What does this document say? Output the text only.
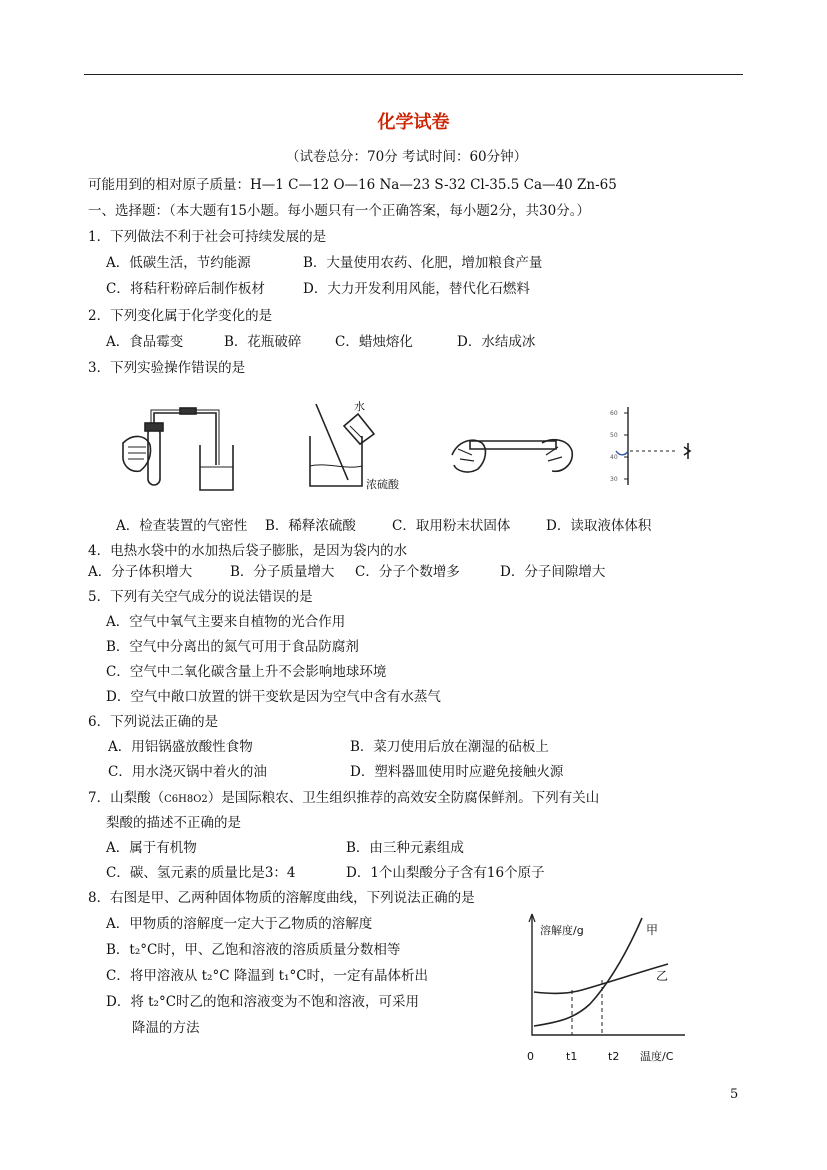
化学试卷
（试卷总分：70分 考试时间：60分钟）
可能用到的相对原子质量：H—1 C—12 O—16 Na—23 S-32 Cl-35.5 Ca—40 Zn-65
一、选择题：（本大题有15小题。每小题只有一个正确答案，每小题2分，共30分。）
1．下列做法不利于社会可持续发展的是
A．低碳生活，节约能源	B．大量使用农药、化肥，增加粮食产量
C．将秸秆粉碎后制作板材	D．大力开发利用风能，替代化石燃料
2．下列变化属于化学变化的是
A．食品霉变	B．花瓶破碎 C．蜡烛熔化	D．水结成冰
3．下列实验操作错误的是
水
浓硫酸
60
50
40
30
A．检查装置的气密性 B．稀释浓硫酸	C．取用粉末状固体	D．读取液体体积
4．电热水袋中的水加热后袋子膨胀，是因为袋内的水
A．分子体积增大	B．分子质量增大 C．分子个数增多	D．分子间隙增大
5．下列有关空气成分的说法错误的是
A．空气中氧气主要来自植物的光合作用
B．空气中分离出的氮气可用于食品防腐剂
C．空气中二氧化碳含量上升不会影响地球环境
D．空气中敞口放置的饼干变软是因为空气中含有水蒸气
6．下列说法正确的是
A．用铝锅盛放酸性食物	B．菜刀使用后放在潮湿的砧板上
C．用水浇灭锅中着火的油	D．塑料器皿使用时应避免接触火源
7．山梨酸（C6H8O2）是国际粮农、卫生组织推荐的高效安全防腐保鲜剂。下列有关山
梨酸的描述不正确的是
A．属于有机物	B．由三种元素组成
C．碳、氢元素的质量比是3：4	D．1个山梨酸分子含有16个原子
8．右图是甲、乙两种固体物质的溶解度曲线，下列说法正确的是
A．甲物质的溶解度一定大于乙物质的溶解度
B．t₂°C时，甲、乙饱和溶液的溶质质量分数相等
C．将甲溶液从 t₂°C 降温到 t₁°C时，一定有晶体析出
D．将 t₂°C时乙的饱和溶液变为不饱和溶液，可采用
降温的方法
溶解度/g	甲
乙
0	t1	t2 温度/C
5
